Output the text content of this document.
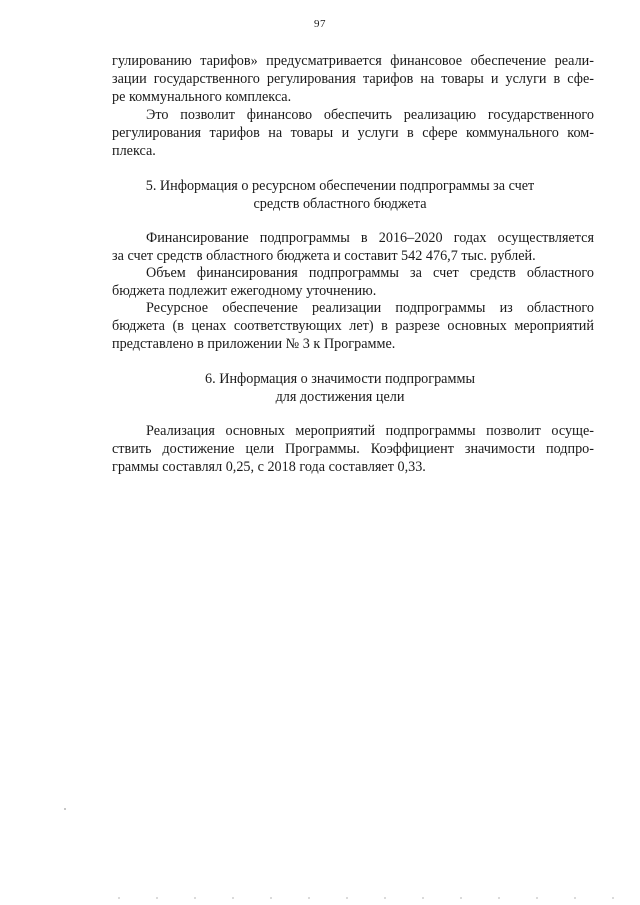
97
гулированию тарифов» предусматривается финансовое обеспечение реали-
зации государственного регулирования тарифов на товары и услуги в сфе-
ре коммунального комплекса.
Это позволит финансово обеспечить реализацию государственного
регулирования тарифов на товары и услуги в сфере коммунального ком-
плекса.
5. Информация о ресурсном обеспечении подпрограммы за счет
средств областного бюджета
Финансирование подпрограммы в 2016–2020 годах осуществляется
за счет средств областного бюджета и составит 542 476,7 тыс. рублей.
Объем финансирования подпрограммы за счет средств областного
бюджета подлежит ежегодному уточнению.
Ресурсное обеспечение реализации подпрограммы из областного
бюджета (в ценах соответствующих лет) в разрезе основных мероприятий
представлено в приложении № 3 к Программе.
6. Информация о значимости подпрограммы
для достижения цели
Реализация основных мероприятий подпрограммы позволит осуще-
ствить достижение цели Программы. Коэффициент значимости подпро-
граммы составлял 0,25, с 2018 года составляет 0,33.
